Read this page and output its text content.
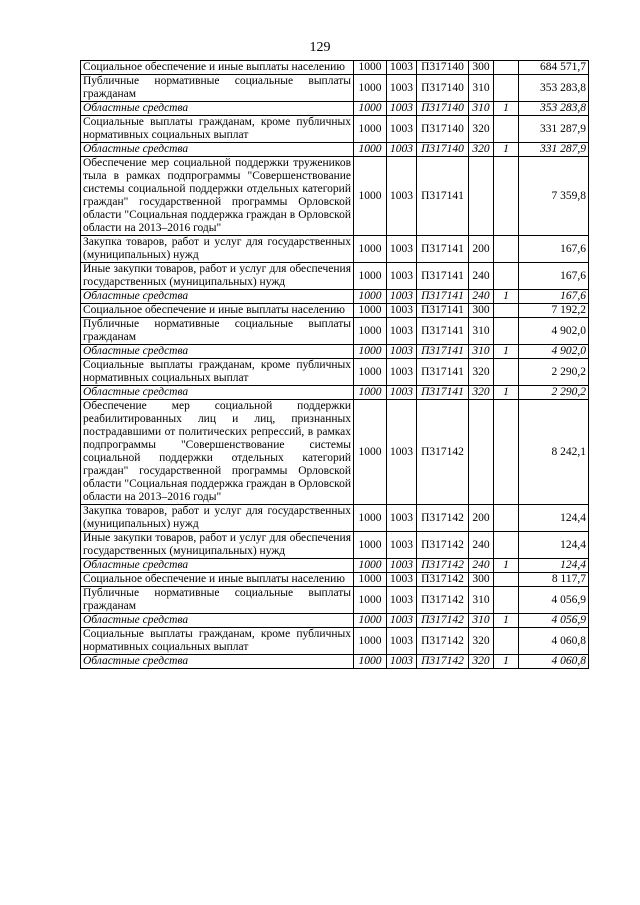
129
Социальное обеспечение и иные выплаты населению	1000	1003	П317140	300		684 571,7
Публичные нормативные социальные выплаты гражданам	1000	1003	П317140	310		353 283,8
Областные средства	1000	1003	П317140	310	1	353 283,8
Социальные выплаты гражданам, кроме публичных нормативных социальных выплат	1000	1003	П317140	320		331 287,9
Областные средства	1000	1003	П317140	320	1	331 287,9
Обеспечение мер социальной поддержки тружеников тыла в рамках подпрограммы "Совершенствование системы социальной поддержки отдельных категорий граждан" государственной программы Орловской области "Социальная поддержка граждан в Орловской области на 2013–2016 годы"	1000	1003	П317141			7 359,8
Закупка товаров, работ и услуг для государственных (муниципальных) нужд	1000	1003	П317141	200		167,6
Иные закупки товаров, работ и услуг для обеспечения государственных (муниципальных) нужд	1000	1003	П317141	240		167,6
Областные средства	1000	1003	П317141	240	1	167,6
Социальное обеспечение и иные выплаты населению	1000	1003	П317141	300		7 192,2
Публичные нормативные социальные выплаты гражданам	1000	1003	П317141	310		4 902,0
Областные средства	1000	1003	П317141	310	1	4 902,0
Социальные выплаты гражданам, кроме публичных нормативных социальных выплат	1000	1003	П317141	320		2 290,2
Областные средства	1000	1003	П317141	320	1	2 290,2
Обеспечение мер социальной поддержки реабилитированных лиц и лиц, признанных пострадавшими от политических репрессий, в рамках подпрограммы "Совершенствование системы социальной поддержки отдельных категорий граждан" государственной программы Орловской области "Социальная поддержка граждан в Орловской области на 2013–2016 годы"	1000	1003	П317142			8 242,1
Закупка товаров, работ и услуг для государственных (муниципальных) нужд	1000	1003	П317142	200		124,4
Иные закупки товаров, работ и услуг для обеспечения государственных (муниципальных) нужд	1000	1003	П317142	240		124,4
Областные средства	1000	1003	П317142	240	1	124,4
Социальное обеспечение и иные выплаты населению	1000	1003	П317142	300		8 117,7
Публичные нормативные социальные выплаты гражданам	1000	1003	П317142	310		4 056,9
Областные средства	1000	1003	П317142	310	1	4 056,9
Социальные выплаты гражданам, кроме публичных нормативных социальных выплат	1000	1003	П317142	320		4 060,8
Областные средства	1000	1003	П317142	320	1	4 060,8
